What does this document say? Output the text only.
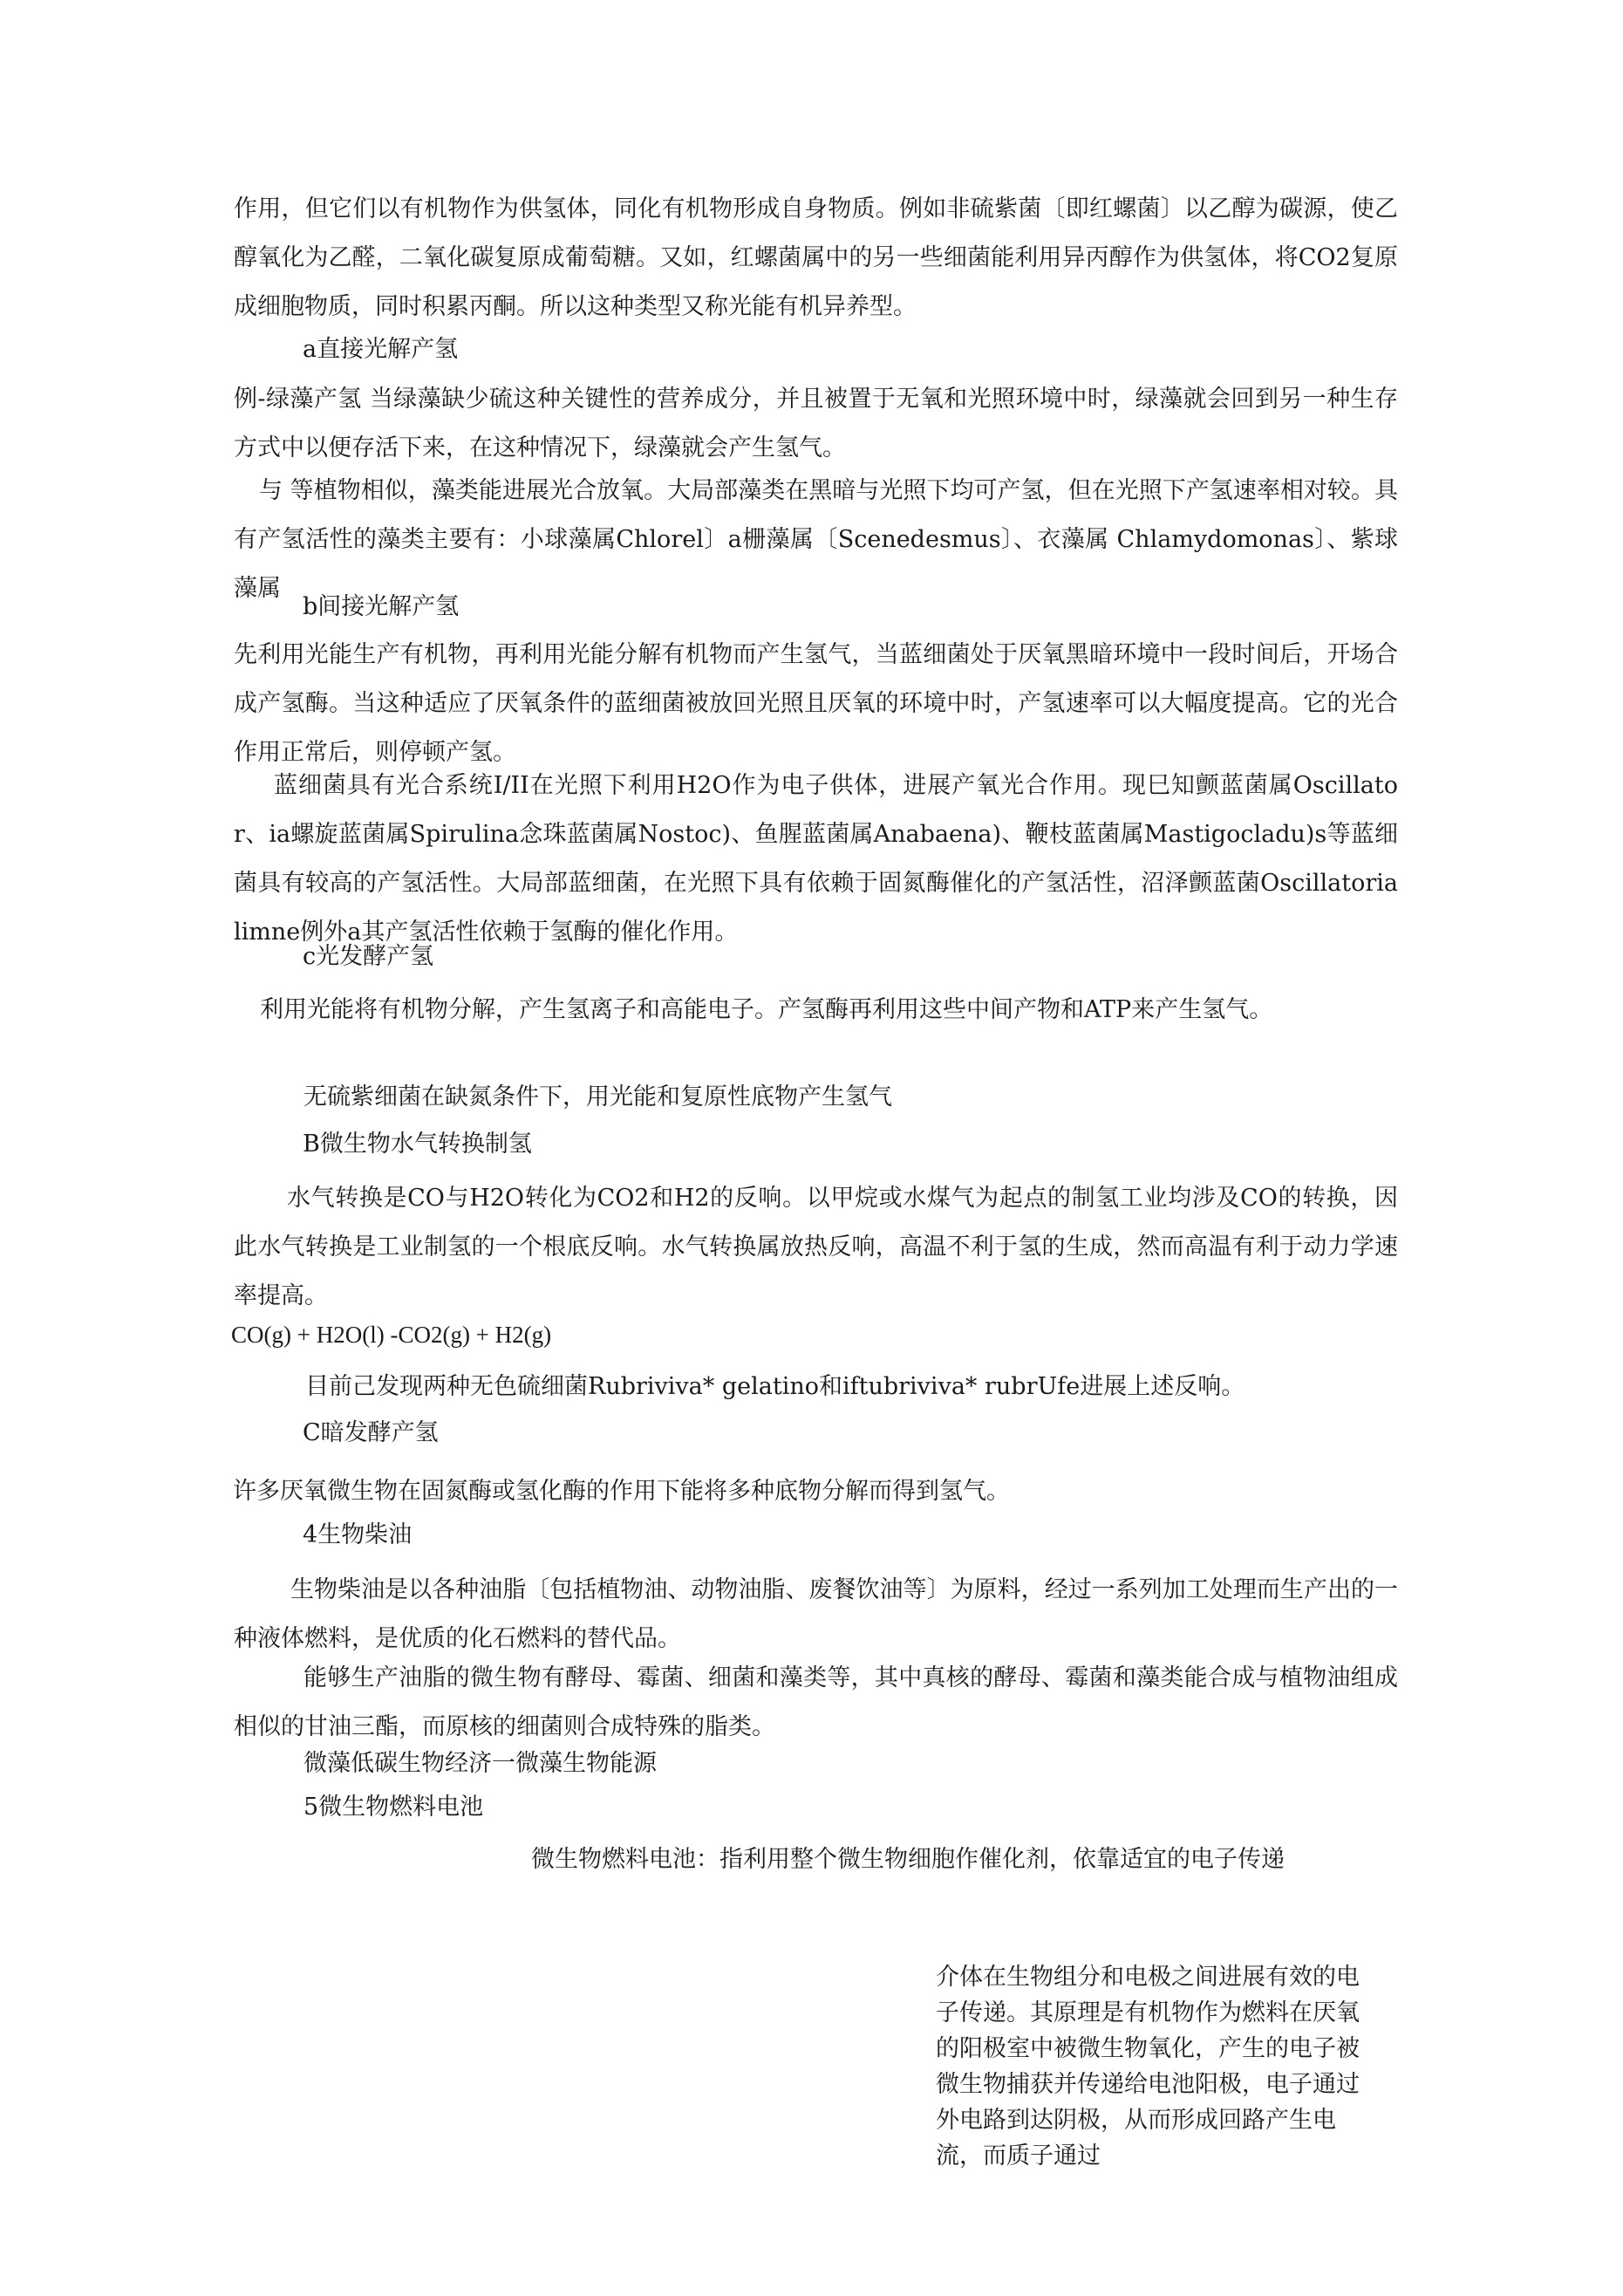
作用，但它们以有机物作为供氢体，同化有机物形成自身物质。例如非硫紫菌〔即红螺菌〕以乙醇为碳源，使乙醇氧化为乙醛，二氧化碳复原成葡萄糖。又如，红螺菌属中的另一些细菌能利用异丙醇作为供氢体，将CO2复原成细胞物质，同时积累丙酮。所以这种类型又称光能有机异养型。

a直接光解产氢

例-绿藻产氢 当绿藻缺少硫这种关键性的营养成分，并且被置于无氧和光照环境中时，绿藻就会回到另一种生存方式中以便存活下来，在这种情况下，绿藻就会产生氢气。

与 等植物相似，藻类能进展光合放氧。大局部藻类在黑暗与光照下均可产氢，但在光照下产氢速率相对较。具有产氢活性的藻类主要有：小球藻属Chlorel〕a栅藻属〔Scenedesmus〕、衣藻属 Chlamydomonas〕、紫球藻属

b间接光解产氢

先利用光能生产有机物，再利用光能分解有机物而产生氢气，当蓝细菌处于厌氧黑暗环境中一段时间后，开场合成产氢酶。当这种适应了厌氧条件的蓝细菌被放回光照且厌氧的环境中时，产氢速率可以大幅度提高。它的光合作用正常后，则停顿产氢。

蓝细菌具有光合系统I/II在光照下利用H2O作为电子供体，进展产氧光合作用。现巳知颤蓝菌属Oscillator、ia螺旋蓝菌属Spirulina念珠蓝菌属Nostoc)、鱼腥蓝菌属Anabaena)、鞭枝蓝菌属Mastigocladu)s等蓝细菌具有较高的产氢活性。大局部蓝细菌，在光照下具有依赖于固氮酶催化的产氢活性，沼泽颤蓝菌Oscillatoria limne例外a其产氢活性依赖于氢酶的催化作用。

c光发酵产氢

利用光能将有机物分解，产生氢离子和高能电子。产氢酶再利用这些中间产物和ATP来产生氢气。

无硫紫细菌在缺氮条件下，用光能和复原性底物产生氢气

B微生物水气转换制氢

水气转换是CO与H2O转化为CO2和H2的反响。以甲烷或水煤气为起点的制氢工业均涉及CO的转换，因此水气转换是工业制氢的一个根底反响。水气转换属放热反响，高温不利于氢的生成，然而高温有利于动力学速率提高。

CO(g) + H2O(l) -CO2(g) + H2(g)

目前己发现两种无色硫细菌Rubriviva* gelatino和iftubriviva* rubrUfe进展上述反响。

C暗发酵产氢

许多厌氧微生物在固氮酶或氢化酶的作用下能将多种底物分解而得到氢气。

4生物柴油

生物柴油是以各种油脂〔包括植物油、动物油脂、废餐饮油等〕为原料，经过一系列加工处理而生产出的一种液体燃料，是优质的化石燃料的替代品。

能够生产油脂的微生物有酵母、霉菌、细菌和藻类等，其中真核的酵母、霉菌和藻类能合成与植物油组成相似的甘油三酯，而原核的细菌则合成特殊的脂类。

微藻低碳生物经济一微藻生物能源

5微生物燃料电池

微生物燃料电池：指利用整个微生物细胞作催化剂，依靠适宜的电子传递

介体在生物组分和电极之间进展有效的电子传递。其原理是有机物作为燃料在厌氧的阳极室中被微生物氧化，产生的电子被微生物捕获并传递给电池阳极，电子通过外电路到达阴极，从而形成回路产生电流，而质子通过
